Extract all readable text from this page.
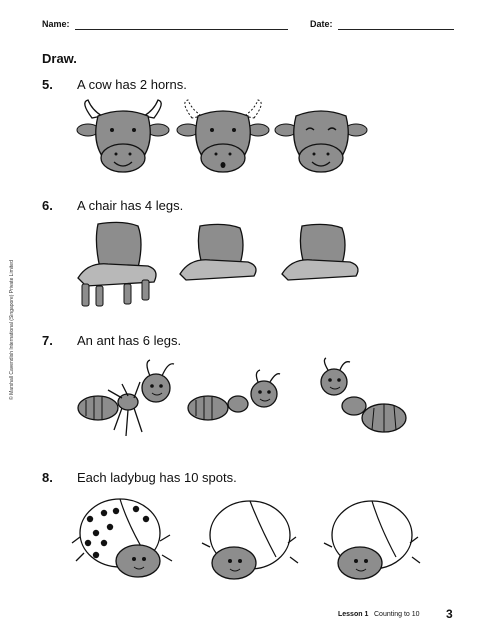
Name:	Date:
Draw.
5. A cow has 2 horns.
6. A chair has 4 legs.
7. An ant has 6 legs.
8. Each ladybug has 10 spots.
© Marshall Cavendish International (Singapore) Private Limited
Lesson 1 Counting to 10 3
